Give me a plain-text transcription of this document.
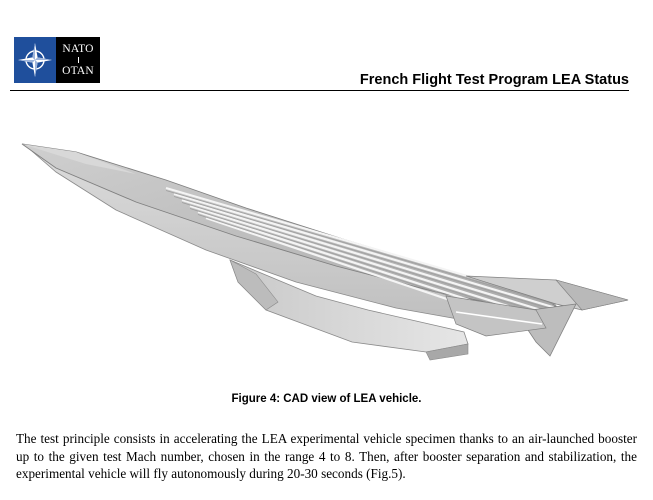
NATO
OTAN
French Flight Test Program LEA Status
Figure 4: CAD view of LEA vehicle.

The test principle consists in accelerating the LEA experimental vehicle specimen thanks to an air-launched booster up to the given test Mach number, chosen in the range 4 to 8. Then, after booster separation and stabilization, the experimental vehicle will fly autonomously during 20-30 seconds (Fig.5).
